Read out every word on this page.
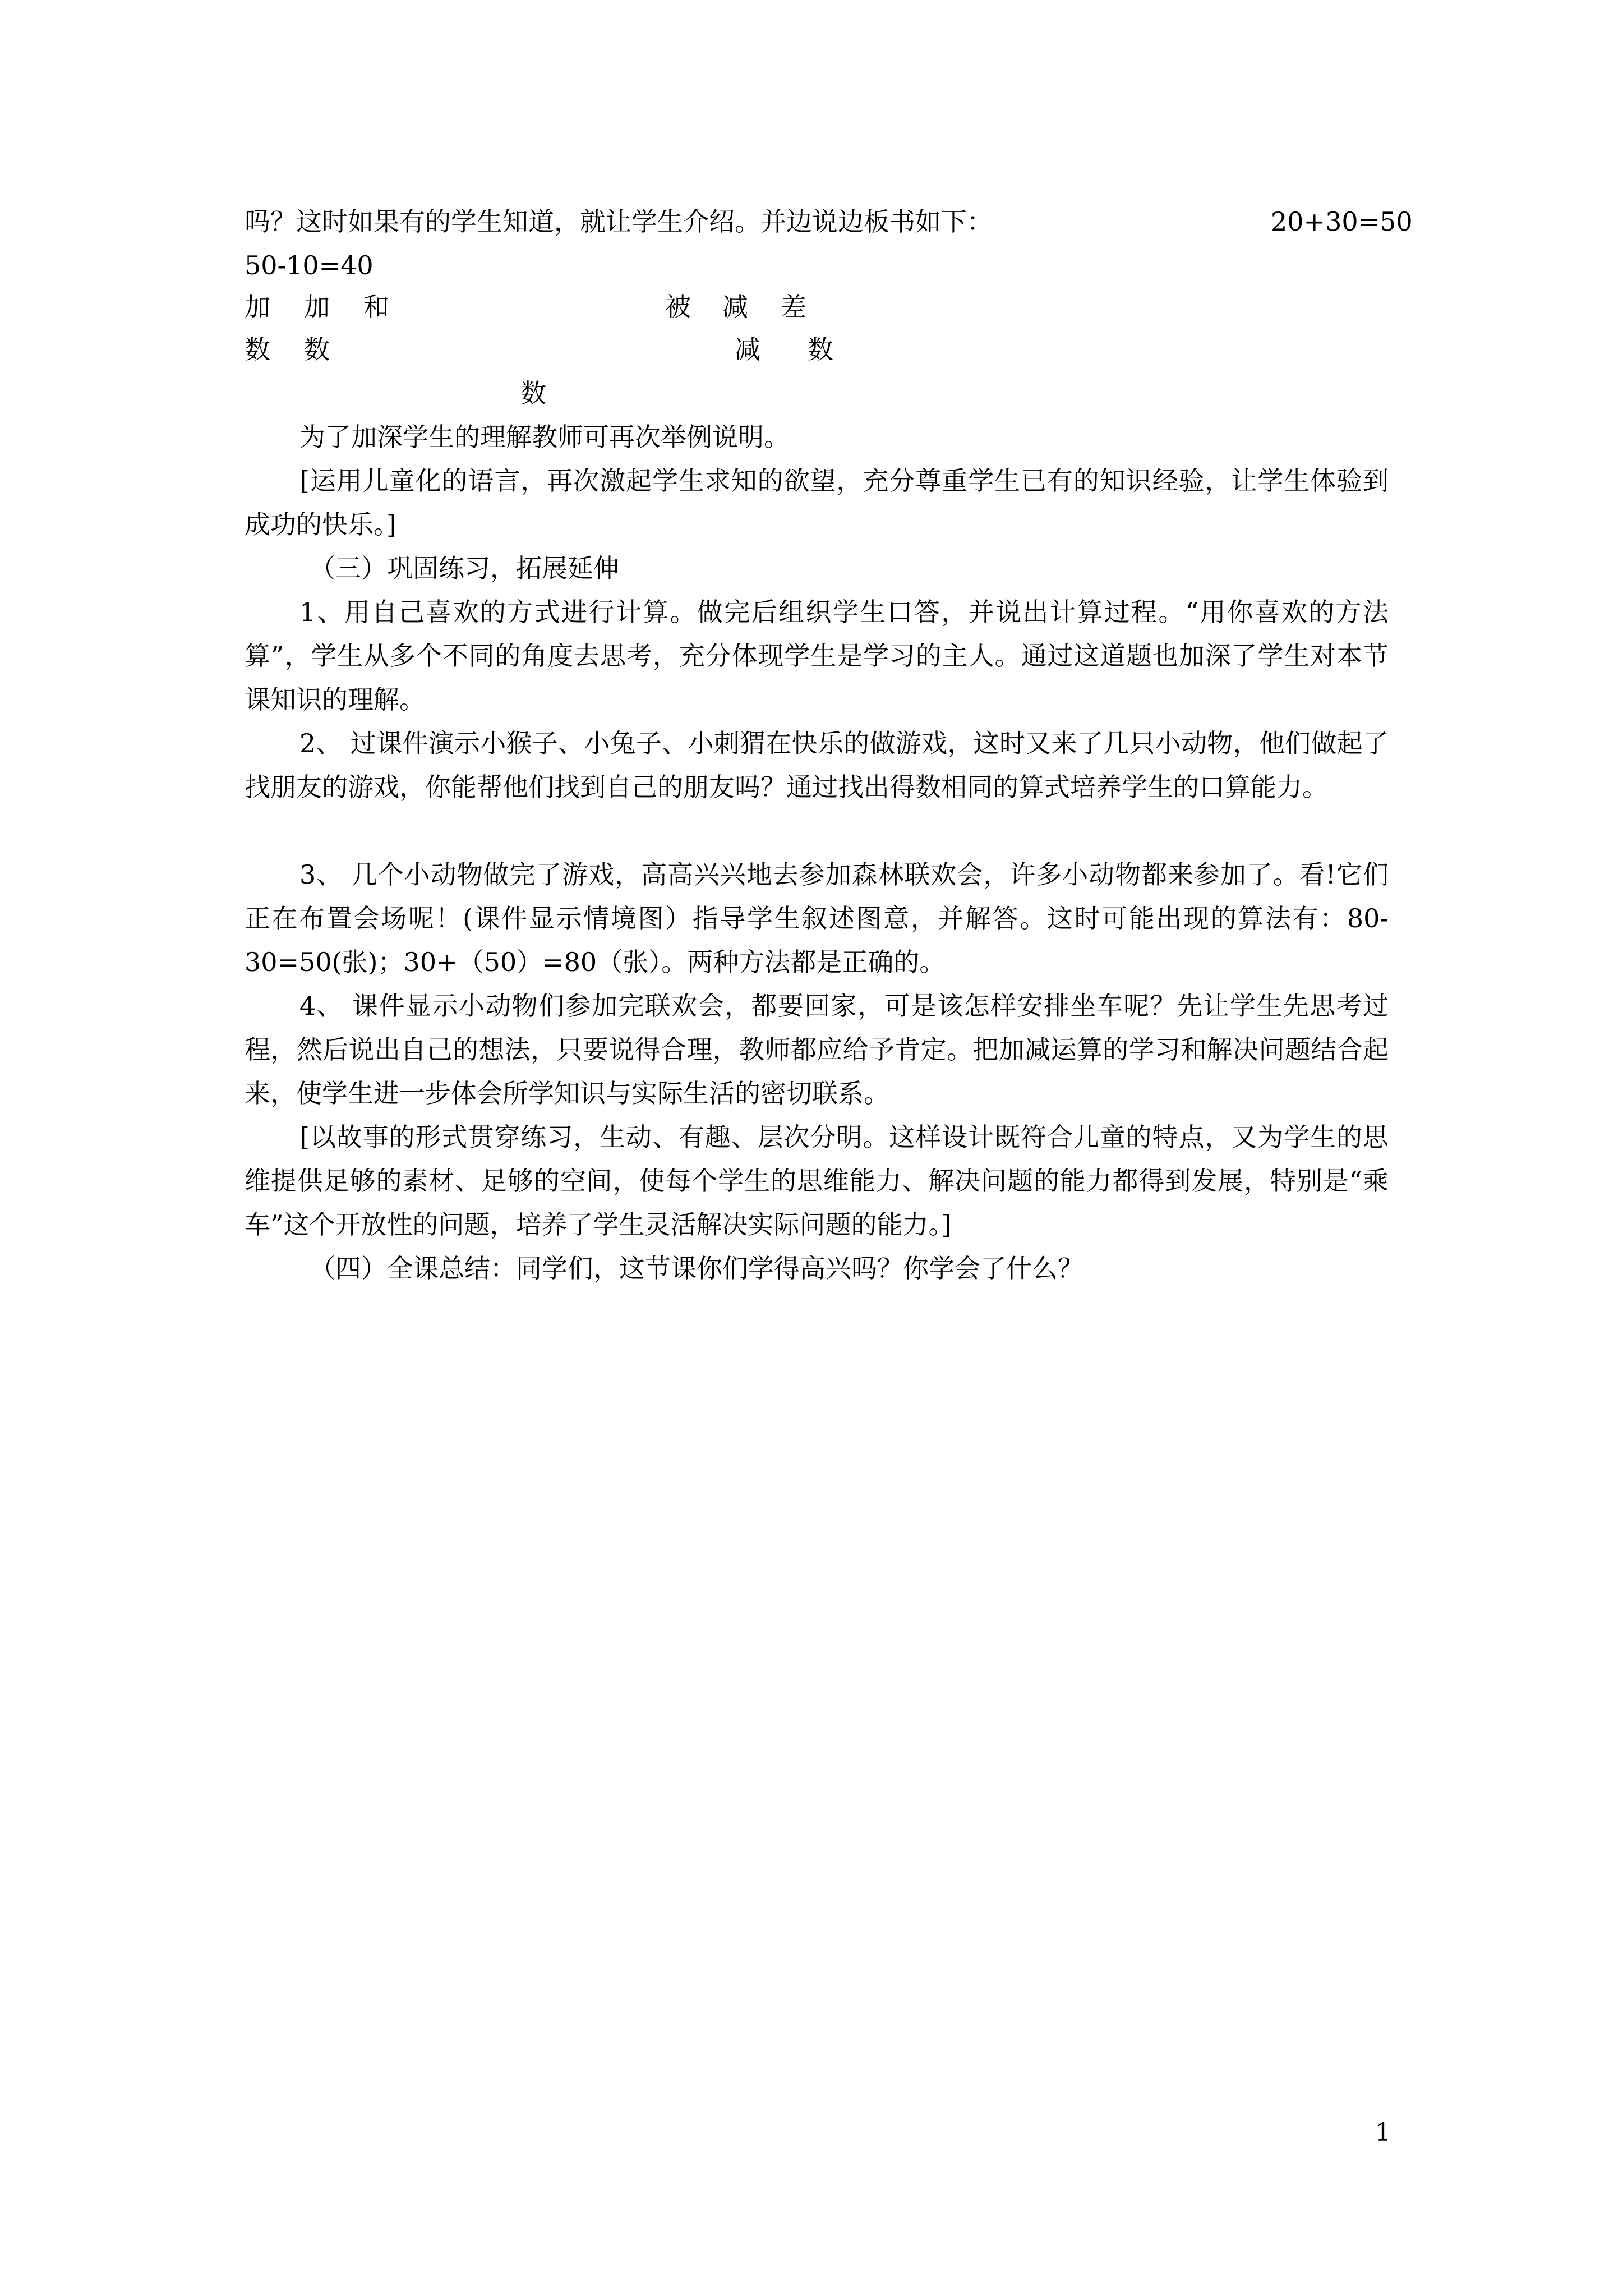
吗？这时如果有的学生知道，就让学生介绍。并边说边板书如下：	20+30=50
50-10=40
加 加 和	被 减 差
数 数	减 数
数

为了加深学生的理解教师可再次举例说明。

[运用儿童化的语言，再次激起学生求知的欲望，充分尊重学生已有的知识经验，让学生体验到成功的快乐。]

（三）巩固练习，拓展延伸

1、用自己喜欢的方式进行计算。做完后组织学生口答，并说出计算过程。“用你喜欢的方法算”，学生从多个不同的角度去思考，充分体现学生是学习的主人。通过这道题也加深了学生对本节课知识的理解。

2、 过课件演示小猴子、小兔子、小刺猬在快乐的做游戏，这时又来了几只小动物，他们做起了找朋友的游戏，你能帮他们找到自己的朋友吗？通过找出得数相同的算式培养学生的口算能力。

3、 几个小动物做完了游戏，高高兴兴地去参加森林联欢会，许多小动物都来参加了。看!它们正在布置会场呢！(课件显示情境图）指导学生叙述图意，并解答。这时可能出现的算法有：80-30=50(张)；30+（50）=80（张）。两种方法都是正确的。

4、 课件显示小动物们参加完联欢会，都要回家，可是该怎样安排坐车呢？先让学生先思考过程，然后说出自己的想法，只要说得合理，教师都应给予肯定。把加减运算的学习和解决问题结合起来，使学生进一步体会所学知识与实际生活的密切联系。

[以故事的形式贯穿练习，生动、有趣、层次分明。这样设计既符合儿童的特点，又为学生的思维提供足够的素材、足够的空间，使每个学生的思维能力、解决问题的能力都得到发展，特别是“乘车”这个开放性的问题，培养了学生灵活解决实际问题的能力。]

（四）全课总结：同学们，这节课你们学得高兴吗？你学会了什么？

1
